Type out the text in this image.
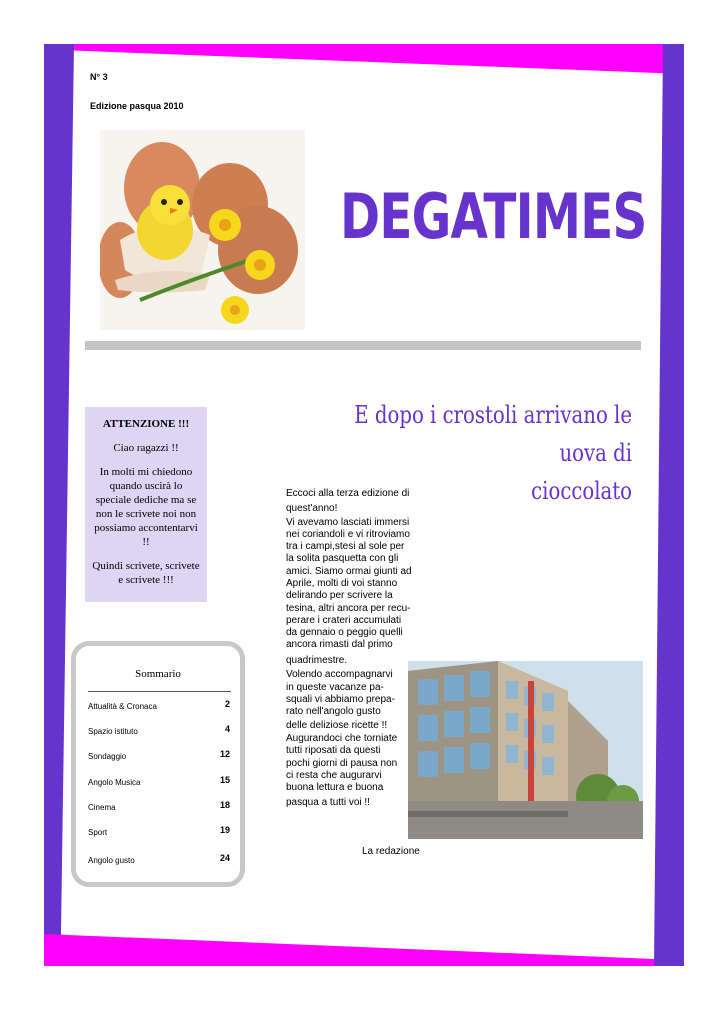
N° 3
Edizione pasqua 2010
DEGATIMES
ATTENZIONE !!!
Ciao ragazzi !!
In molti mi chiedono quando uscirà lo speciale dediche ma se non le scrivete noi non possiamo accontentarvi !!
Quindi scrivete, scrivete e scrivete !!!
Sommario
Attualità & Cronaca	2
Spazio istituto	4
Sondaggio	12
Angolo Musica	15
Cinema	18
Sport	19
Angolo gusto	24
E dopo i crostoli arrivano le uova di
cioccolato
Eccoci alla terza edizione di
quest'anno!
Vi avevamo lasciati immersi
nei coriandoli e vi ritroviamo
tra i campi,stesi al sole per
la solita pasquetta con gli
amici. Siamo ormai giunti ad
Aprile, molti di voi stanno
delirando per scrivere la
tesina, altri ancora per recu-
perare i crateri accumulati
da gennaio o peggio quelli
ancora rimasti dal primo
quadrimestre.
Volendo accompagnarvi
in queste vacanze pa-
squali vi abbiamo prepa-
rato nell'angolo gusto
delle deliziose ricette !!
Augurandoci che torniate
tutti riposati da questi
pochi giorni di pausa non
ci resta che augurarvi
buona lettura e buona
pasqua a tutti voi !!
La redazione
